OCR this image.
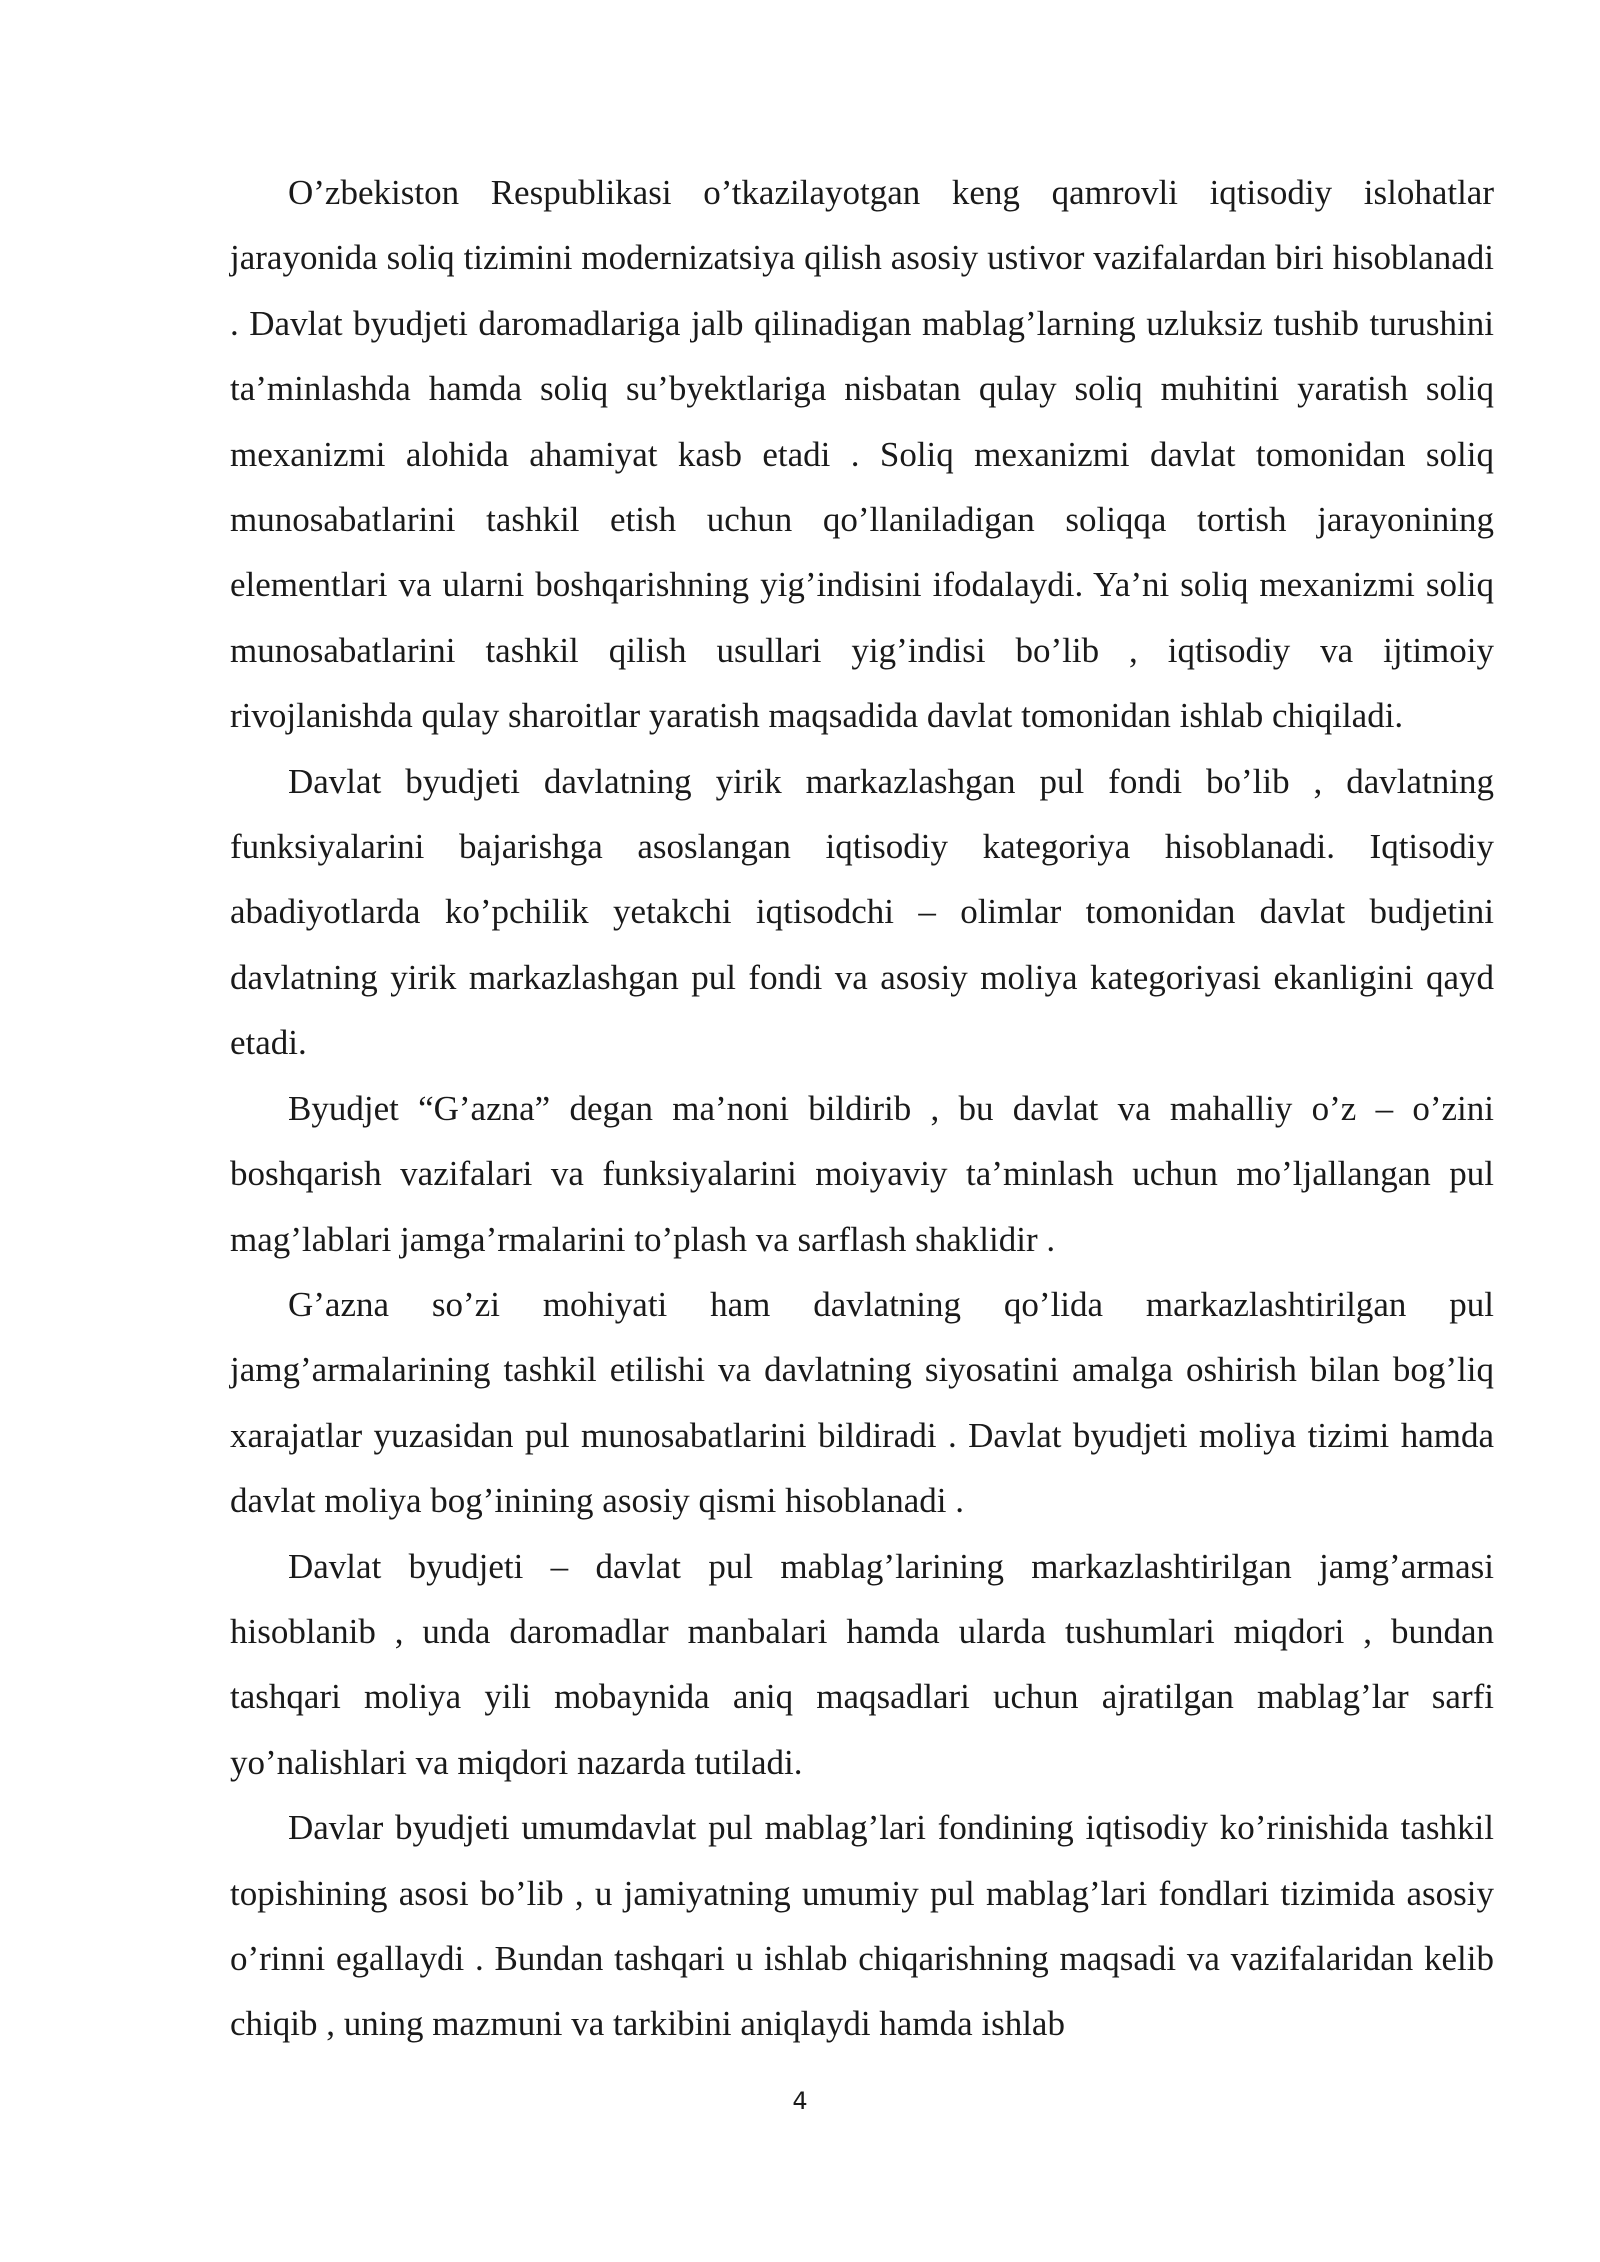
O’zbekiston Respublikasi o’tkazilayotgan keng qamrovli iqtisodiy islohatlar jarayonida soliq tizimini modernizatsiya qilish asosiy ustivor vazifalardan biri hisoblanadi . Davlat byudjeti daromadlariga jalb qilinadigan mablag’larning uzluksiz tushib turushini ta’minlashda hamda soliq su’byektlariga nisbatan qulay soliq muhitini yaratish soliq mexanizmi alohida ahamiyat kasb etadi . Soliq mexanizmi davlat tomonidan soliq munosabatlarini tashkil etish uchun qo’llaniladigan soliqqa tortish jarayonining elementlari va ularni boshqarishning yig’indisini ifodalaydi. Ya’ni soliq mexanizmi soliq munosabatlarini tashkil qilish usullari yig’indisi bo’lib , iqtisodiy va ijtimoiy rivojlanishda qulay sharoitlar yaratish maqsadida davlat tomonidan ishlab chiqiladi.

Davlat byudjeti davlatning yirik markazlashgan pul fondi bo’lib , davlatning funksiyalarini bajarishga asoslangan iqtisodiy kategoriya hisoblanadi. Iqtisodiy abadiyotlarda ko’pchilik yetakchi iqtisodchi – olimlar tomonidan davlat budjetini davlatning yirik markazlashgan pul fondi va asosiy moliya kategoriyasi ekanligini qayd etadi.

Byudjet “G’azna” degan ma’noni bildirib , bu davlat va mahalliy o’z – o’zini boshqarish vazifalari va funksiyalarini moiyaviy ta’minlash uchun mo’ljallangan pul mag’lablari jamga’rmalarini to’plash va sarflash shaklidir .

G’azna so’zi mohiyati ham davlatning qo’lida markazlashtirilgan pul jamg’armalarining tashkil etilishi va davlatning siyosatini amalga oshirish bilan bog’liq xarajatlar yuzasidan pul munosabatlarini bildiradi . Davlat byudjeti moliya tizimi hamda davlat moliya bog’inining asosiy qismi hisoblanadi .

Davlat byudjeti – davlat pul mablag’larining markazlashtirilgan jamg’armasi hisoblanib , unda daromadlar manbalari hamda ularda tushumlari miqdori , bundan tashqari moliya yili mobaynida aniq maqsadlari uchun ajratilgan mablag’lar sarfi yo’nalishlari va miqdori nazarda tutiladi.

Davlar byudjeti umumdavlat pul mablag’lari fondining iqtisodiy ko’rinishida tashkil topishining asosi bo’lib , u jamiyatning umumiy pul mablag’lari fondlari tizimida asosiy o’rinni egallaydi . Bundan tashqari u ishlab chiqarishning maqsadi va vazifalaridan kelib chiqib , uning mazmuni va tarkibini aniqlaydi hamda ishlab

4
